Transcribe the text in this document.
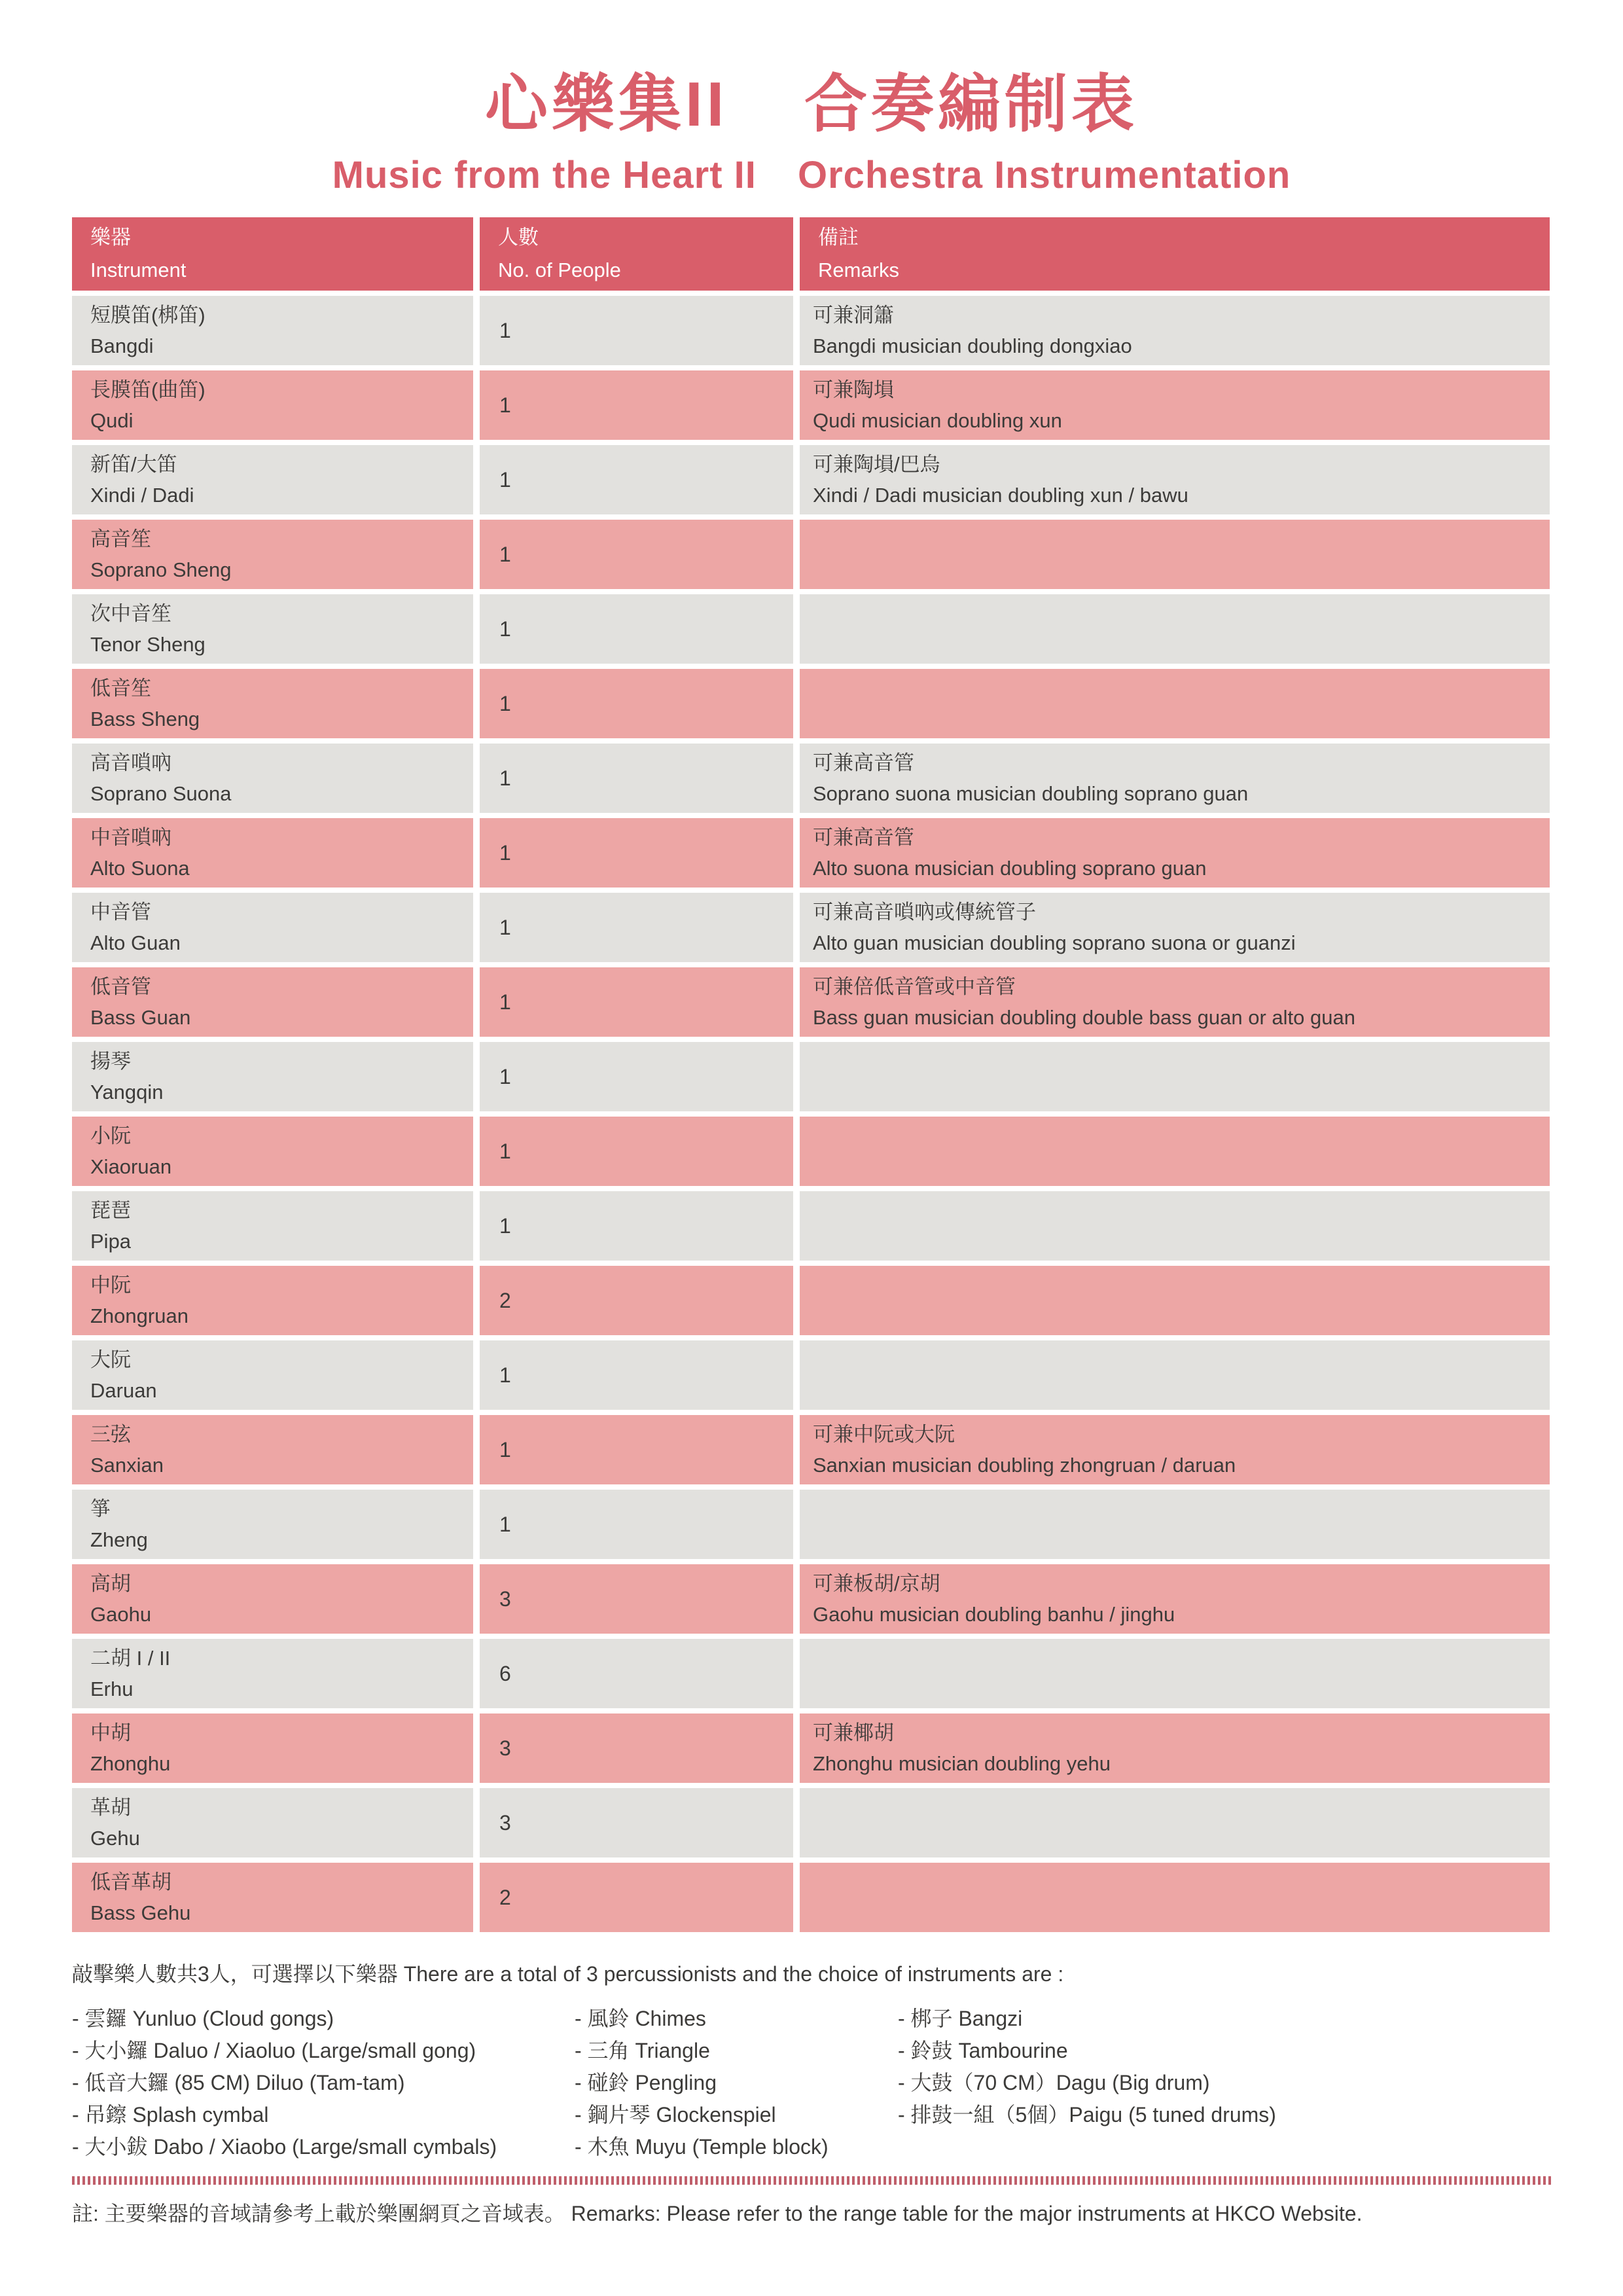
心樂集II 合奏編制表
Music from the Heart II Orchestra Instrumentation
樂器
Instrument
人數
No. of People
備註
Remarks
短膜笛(梆笛)
Bangdi
1
可兼洞簫
Bangdi musician doubling dongxiao
長膜笛(曲笛)
Qudi
1
可兼陶塤
Qudi musician doubling xun
新笛/大笛
Xindi / Dadi
1
可兼陶塤/巴烏
Xindi / Dadi musician doubling xun / bawu
高音笙
Soprano Sheng
1
次中音笙
Tenor Sheng
1
低音笙
Bass Sheng
1
高音嗩吶
Soprano Suona
1
可兼高音管
Soprano suona musician doubling soprano guan
中音嗩吶
Alto Suona
1
可兼高音管
Alto suona musician doubling soprano guan
中音管
Alto Guan
1
可兼高音嗩吶或傳統管子
Alto guan musician doubling soprano suona or guanzi
低音管
Bass Guan
1
可兼倍低音管或中音管
Bass guan musician doubling double bass guan or alto guan
揚琴
Yangqin
1
小阮
Xiaoruan
1
琵琶
Pipa
1
中阮
Zhongruan
2
大阮
Daruan
1
三弦
Sanxian
1
可兼中阮或大阮
Sanxian musician doubling zhongruan / daruan
箏
Zheng
1
高胡
Gaohu
3
可兼板胡/京胡
Gaohu musician doubling banhu / jinghu
二胡 I / II
Erhu
6
中胡
Zhonghu
3
可兼椰胡
Zhonghu musician doubling yehu
革胡
Gehu
3
低音革胡
Bass Gehu
2

敲擊樂人數共3人，可選擇以下樂器 There are a total of 3 percussionists and the choice of instruments are :

- 雲鑼 Yunluo (Cloud gongs)
- 大小鑼 Daluo / Xiaoluo (Large/small gong)
- 低音大鑼 (85 CM) Diluo (Tam-tam)
- 吊鑔 Splash cymbal
- 大小鈸 Dabo / Xiaobo (Large/small cymbals)
- 風鈴 Chimes
- 三角 Triangle
- 碰鈴 Pengling
- 鋼片琴 Glockenspiel
- 木魚 Muyu (Temple block)
- 梆子 Bangzi
- 鈴鼓 Tambourine
- 大鼓（70 CM）Dagu (Big drum)
- 排鼓一組（5個）Paigu (5 tuned drums)

註: 主要樂器的音域請參考上載於樂團網頁之音域表。 Remarks: Please refer to the range table for the major instruments at HKCO Website.
